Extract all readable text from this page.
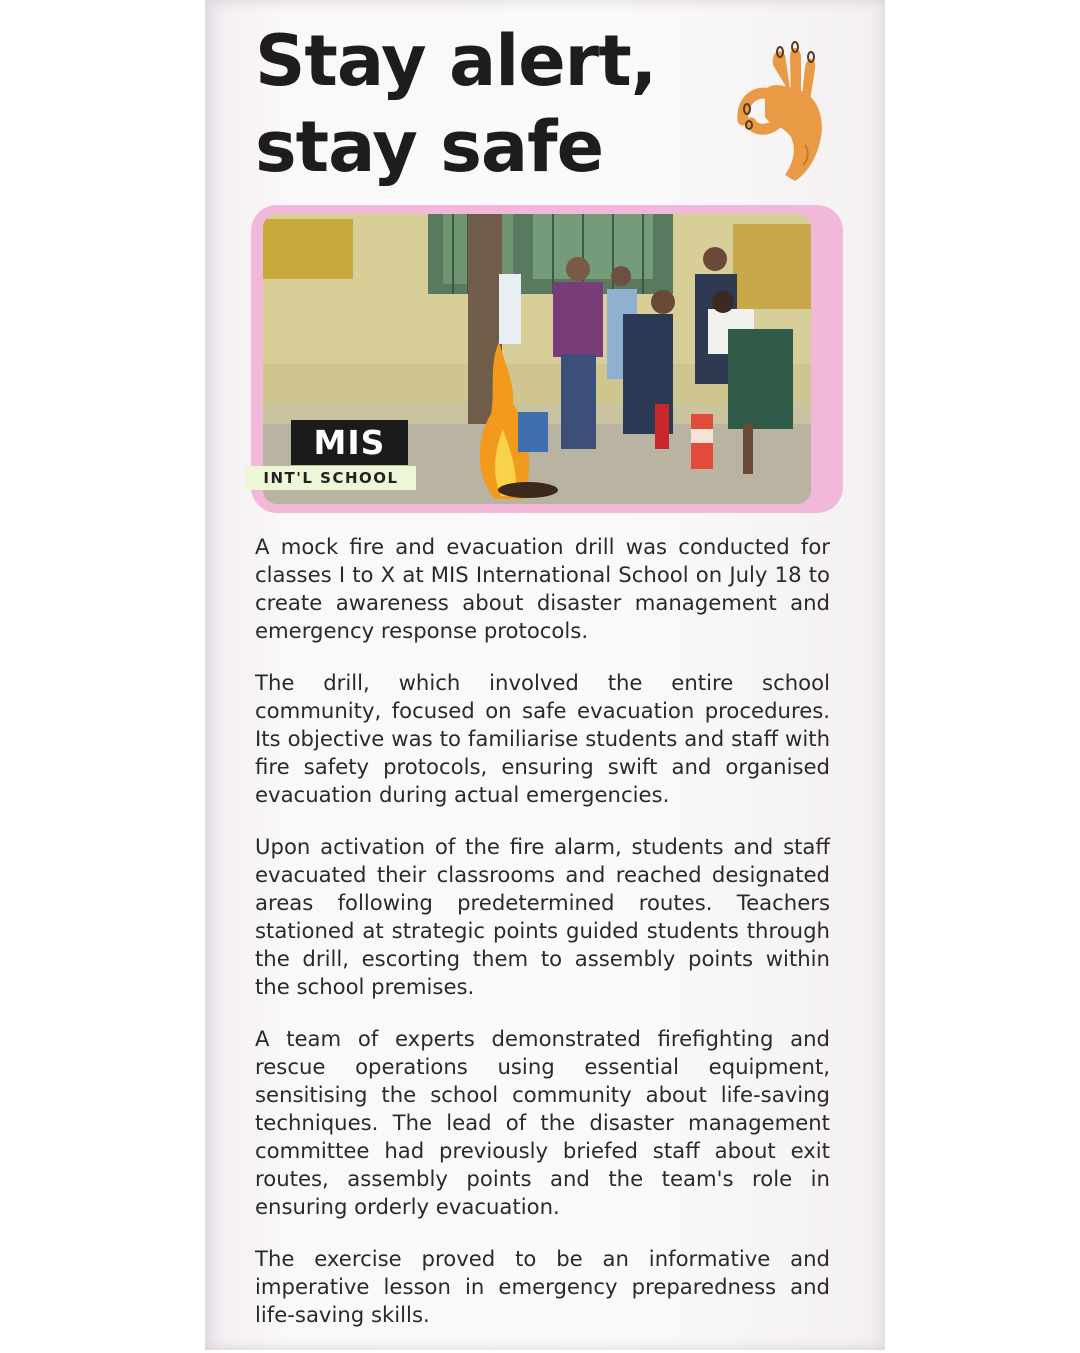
Stay alert,
stay safe
MIS
INT'L SCHOOL

A mock fire and evacuation drill was conducted for classes I to X at MIS International School on July 18 to create awareness about disaster management and emergency response protocols.

The drill, which involved the entire school community, focused on safe evacuation procedures. Its objective was to familiarise students and staff with fire safety protocols, ensuring swift and organised evacuation during actual emergencies.

Upon activation of the fire alarm, students and staff evacuated their classrooms and reached designated areas following predetermined routes. Teachers stationed at strategic points guided students through the drill, escorting them to assembly points within the school premises.

A team of experts demonstrated firefighting and rescue operations using essential equipment, sensitising the school community about life-saving techniques. The lead of the disaster management committee had previously briefed staff about exit routes, assembly points and the team's role in ensuring orderly evacuation.

The exercise proved to be an informative and imperative lesson in emergency preparedness and life-saving skills.
